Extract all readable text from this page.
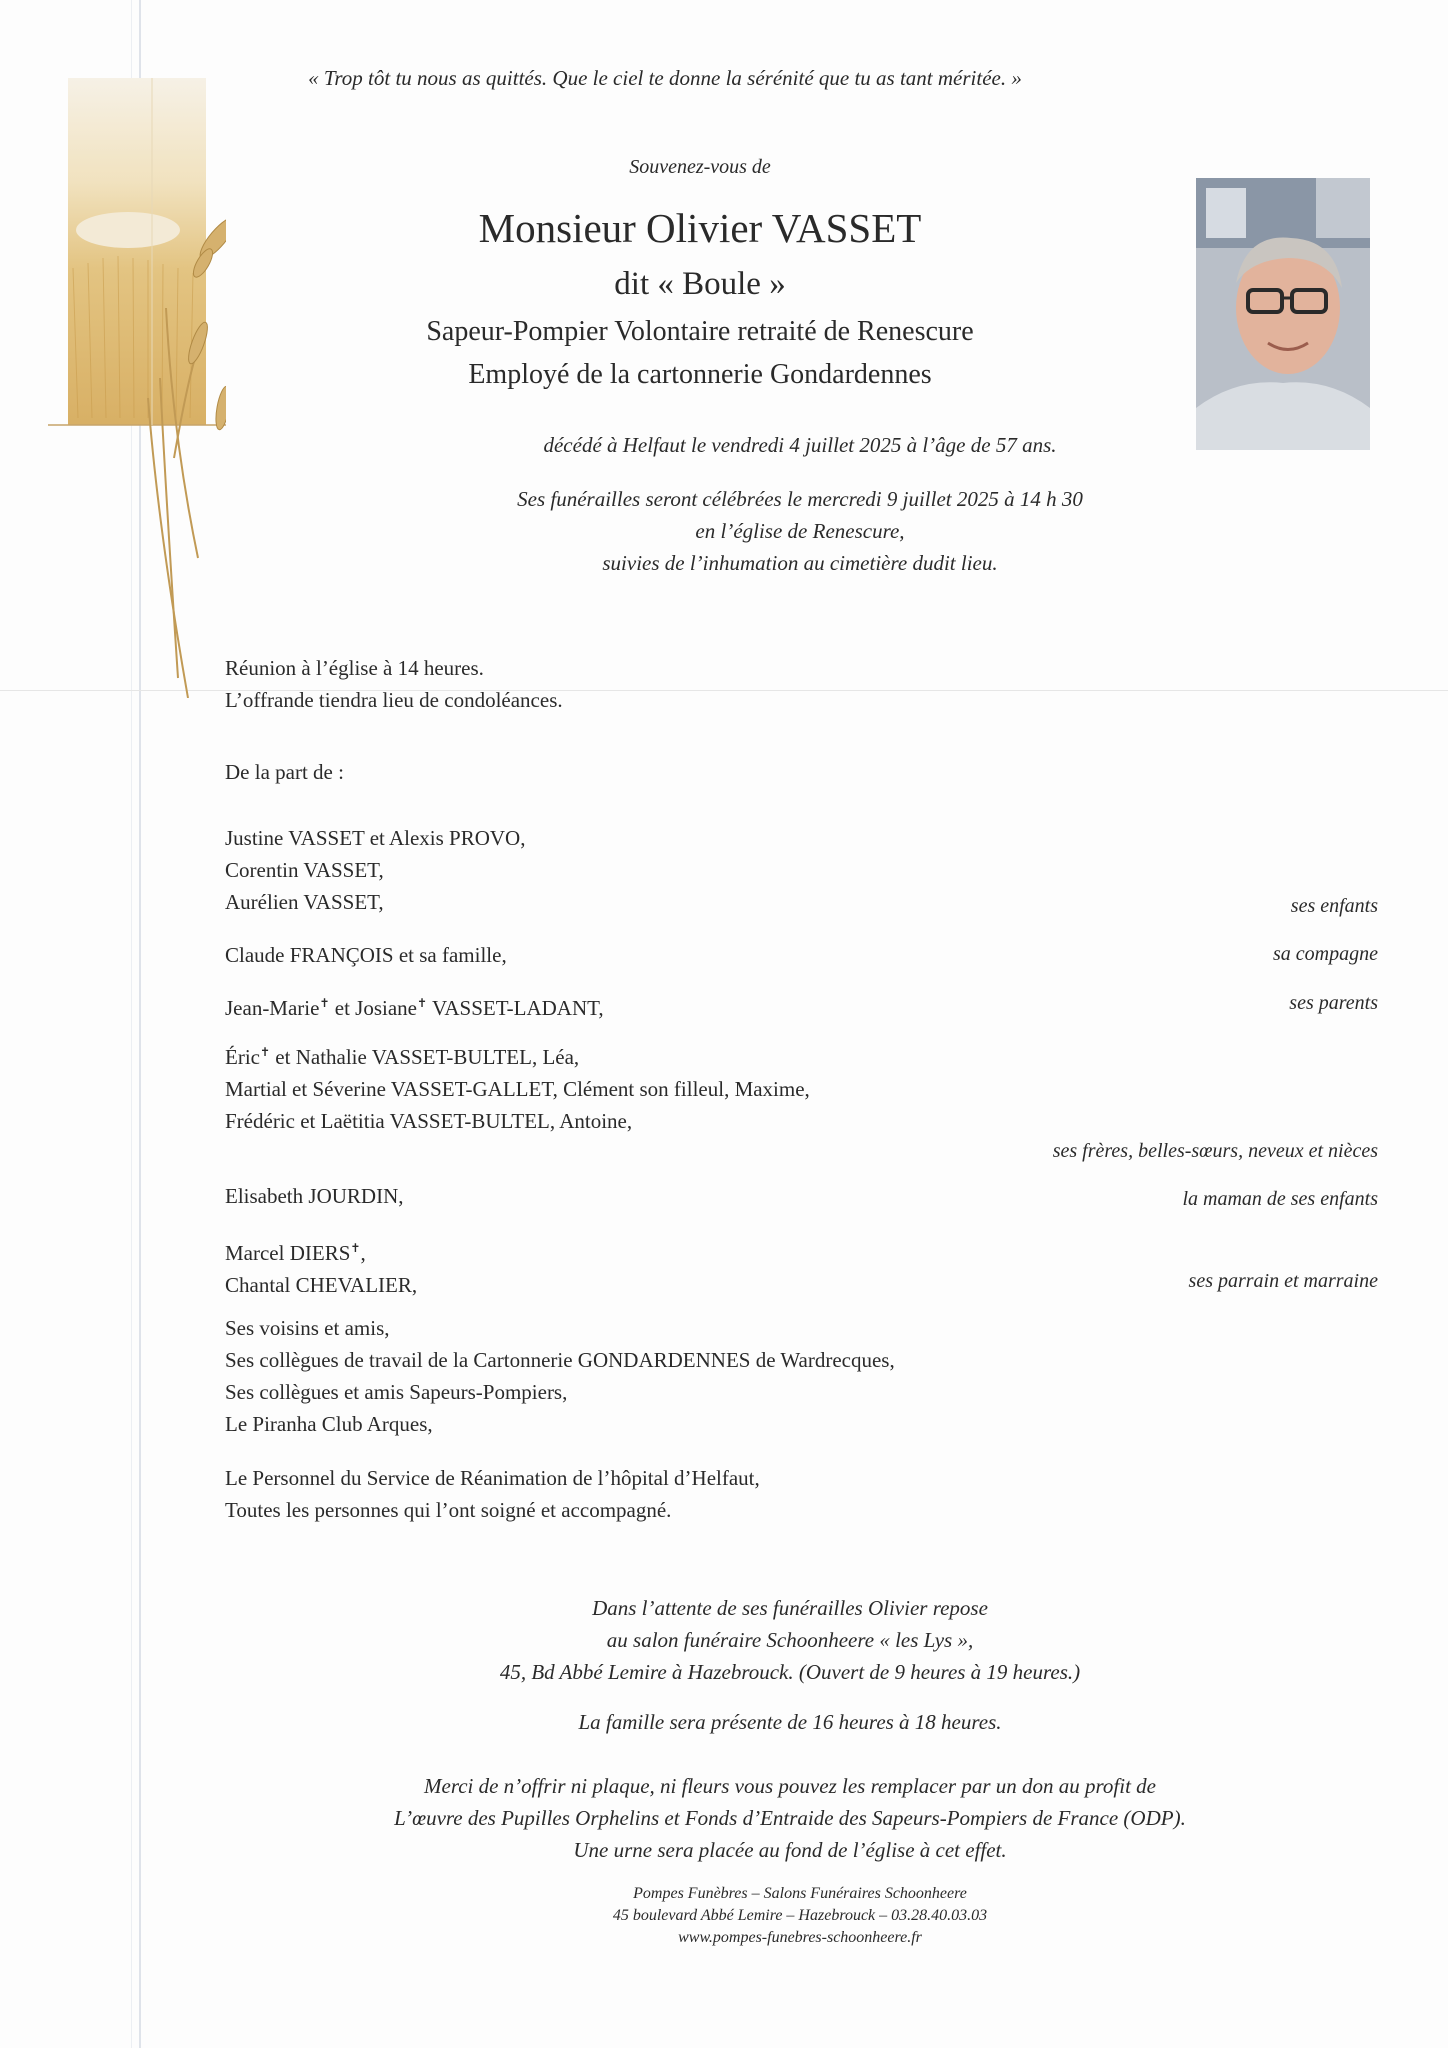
« Trop tôt tu nous as quittés. Que le ciel te donne la sérénité que tu as tant méritée. »
Souvenez-vous de
Monsieur Olivier VASSET
dit « Boule »
Sapeur-Pompier Volontaire retraité de Renescure
Employé de la cartonnerie Gondardennes
décédé à Helfaut le vendredi 4 juillet 2025 à l’âge de 57 ans.
Ses funérailles seront célébrées le mercredi 9 juillet 2025 à 14 h 30
en l’église de Renescure,
suivies de l’inhumation au cimetière dudit lieu.
Réunion à l’église à 14 heures.
L’offrande tiendra lieu de condoléances.
De la part de :
Justine VASSET et Alexis PROVO,
Corentin VASSET,
Aurélien VASSET,	ses enfants
Claude FRANÇOIS et sa famille,	sa compagne
Jean-Marie✝ et Josiane✝ VASSET-LADANT,	ses parents
Éric✝ et Nathalie VASSET-BULTEL, Léa,
Martial et Séverine VASSET-GALLET, Clément son filleul, Maxime,
Frédéric et Laëtitia VASSET-BULTEL, Antoine,
ses frères, belles-sœurs, neveux et nièces
Elisabeth JOURDIN,	la maman de ses enfants
Marcel DIERS✝,
Chantal CHEVALIER,	ses parrain et marraine
Ses voisins et amis,
Ses collègues de travail de la Cartonnerie GONDARDENNES de Wardrecques,
Ses collègues et amis Sapeurs-Pompiers,
Le Piranha Club Arques,
Le Personnel du Service de Réanimation de l’hôpital d’Helfaut,
Toutes les personnes qui l’ont soigné et accompagné.
Dans l’attente de ses funérailles Olivier repose
au salon funéraire Schoonheere « les Lys »,
45, Bd Abbé Lemire à Hazebrouck. (Ouvert de 9 heures à 19 heures.)
La famille sera présente de 16 heures à 18 heures.
Merci de n’offrir ni plaque, ni fleurs vous pouvez les remplacer par un don au profit de
L’œuvre des Pupilles Orphelins et Fonds d’Entraide des Sapeurs-Pompiers de France (ODP).
Une urne sera placée au fond de l’église à cet effet.
Pompes Funèbres – Salons Funéraires Schoonheere
45 boulevard Abbé Lemire – Hazebrouck – 03.28.40.03.03
www.pompes-funebres-schoonheere.fr
